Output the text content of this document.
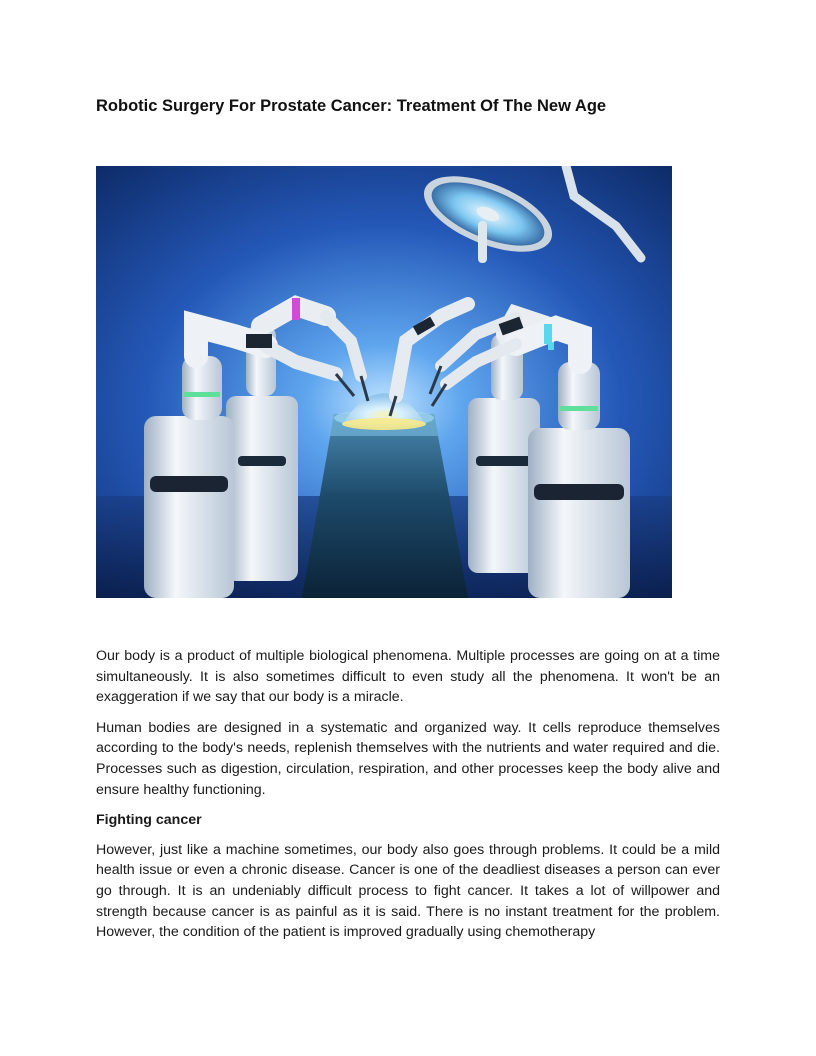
Robotic Surgery For Prostate Cancer: Treatment Of The New Age

Our body is a product of multiple biological phenomena. Multiple processes are going on at a time simultaneously. It is also sometimes difficult to even study all the phenomena. It won't be an exaggeration if we say that our body is a miracle.

Human bodies are designed in a systematic and organized way. It cells reproduce themselves according to the body's needs, replenish themselves with the nutrients and water required and die. Processes such as digestion, circulation, respiration, and other processes keep the body alive and ensure healthy functioning.

Fighting cancer

However, just like a machine sometimes, our body also goes through problems. It could be a mild health issue or even a chronic disease. Cancer is one of the deadliest diseases a person can ever go through. It is an undeniably difficult process to fight cancer. It takes a lot of willpower and strength because cancer is as painful as it is said. There is no instant treatment for the problem. However, the condition of the patient is improved gradually using chemotherapy
